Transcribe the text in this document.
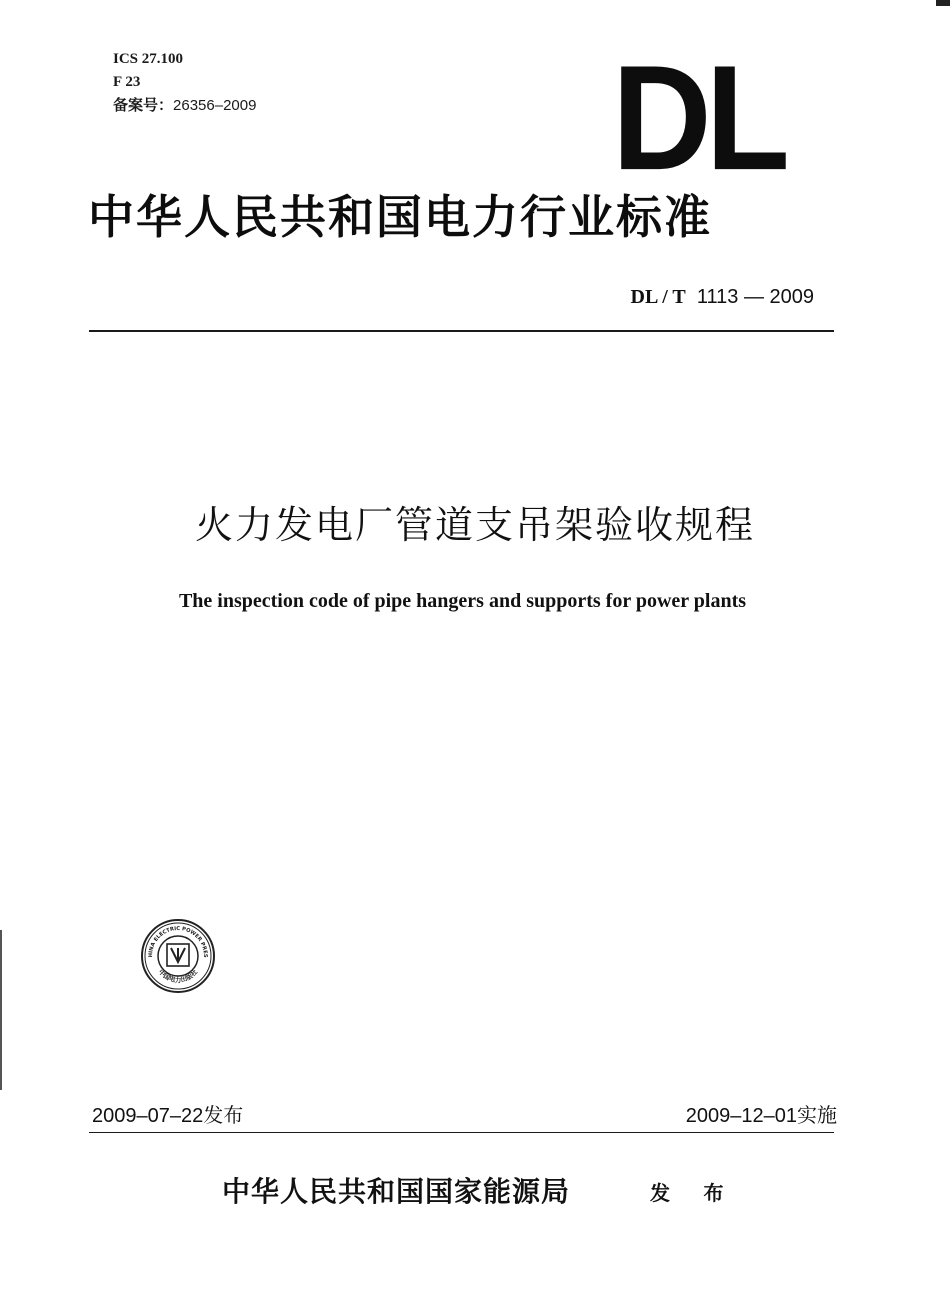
ICS 27.100
F 23
备案号：26356–2009	DL
中华人民共和国电力行业标准
DL / T 1113 — 2009
火力发电厂管道支吊架验收规程
The inspection code of pipe hangers and supports for power plants
HINA ELECTRIC POWER PRES
中国电力出版社
2009–07–22发布	2009–12–01实施
中华人民共和国国家能源局	发 布
